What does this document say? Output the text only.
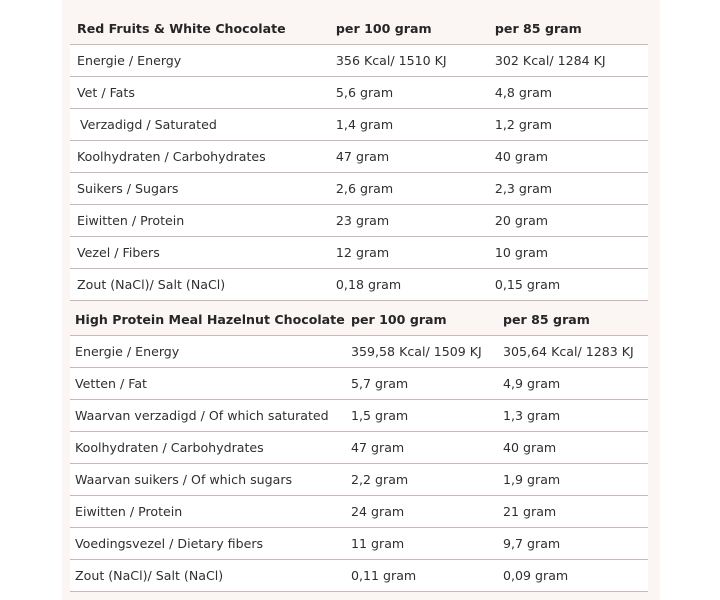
Red Fruits & White Chocolate	per 100 gram	per 85 gram
Energie / Energy	356 Kcal/ 1510 KJ	302 Kcal/ 1284 KJ
Vet / Fats	5,6 gram	4,8 gram
Verzadigd / Saturated	1,4 gram	1,2 gram
Koolhydraten / Carbohydrates	47 gram	40 gram
Suikers / Sugars	2,6 gram	2,3 gram
Eiwitten / Protein	23 gram	20 gram
Vezel / Fibers	12 gram	10 gram
Zout (NaCl)/ Salt (NaCl)	0,18 gram	0,15 gram
High Protein Meal Hazelnut Chocolate	per 100 gram	per 85 gram
Energie / Energy	359,58 Kcal/ 1509 KJ	305,64 Kcal/ 1283 KJ
Vetten / Fat	5,7 gram	4,9 gram
Waarvan verzadigd / Of which saturated	1,5 gram	1,3 gram
Koolhydraten / Carbohydrates	47 gram	40 gram
Waarvan suikers / Of which sugars	2,2 gram	1,9 gram
Eiwitten / Protein	24 gram	21 gram
Voedingsvezel / Dietary fibers	11 gram	9,7 gram
Zout (NaCl)/ Salt (NaCl)	0,11 gram	0,09 gram
